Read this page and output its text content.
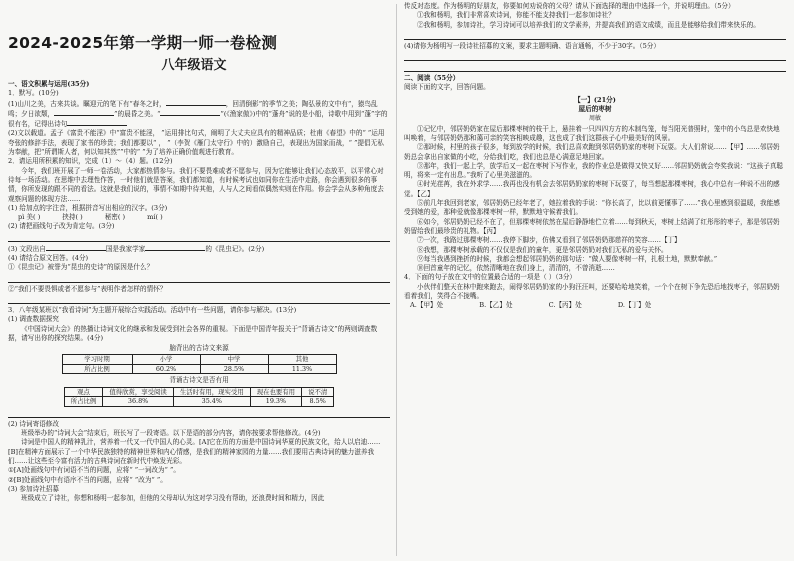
2024-2025年第一学期一师一卷检测
八年级语文

一、语文积累与运用(35分)

1．默写。(10分)

(1)山川之美，古来共谈。瞩迎元的笔下有“春冬之时，	，回清倒影”的季节之美；陶弘景的文中有“，猿鸟乱鸣；夕日欲颓，	”的晨昏之美。“	”(《渔家傲》)中的“蓬舟”说的是小船，诗歌中用到“蓬”字的很有名，记得出诗句

(2)文以载道。孟子《富贵不能淫》中“富贵不能淫， ”运用排比句式，阐明了大丈夫应具有的精神品质；杜甫《春望》中的“ ”运用夸张的修辞手法，表现了家书的珍贵；我们都要以“ ， ”（李贺《雁门太守行》中的）激励自己，表现出为国家而战，“ ”提倡无私为奉献，把“所谓斯人者，何以知其然””中的“ ”为了培养正确价值观进行教育。

2．请运用所积累的知识，完成（1）～（4）题。(12分)

今年，我们班开展了一师一卷活动，大家都热情参与。我们不要畏难或者不愿参与，因为它能够让我们心态放平，以平常心对待每一场活动。在思维中去理性作答，一时他们就是答案，我们都知道，有时候考试也如同你在生活中走路，你会遇到很多的事情，你所发现的跟不同的看法。这就是我们说的，事情不如期中待其他，人与人之间看似偶然实则在作用。你会学会从多种角度去观察问题的体现方法……

(1) 给加点的字注音，根据拼音写出相应的汉字。(3分)

pì 美( )	挟持( )	秘密( )	mí( )

(2) 请把画线句子改为肯定句。(3分)

(3) 文段出自	国是我家学家	的《昆虫记》。(2分)

(4) 请结合原文回答。(4分)

①《昆虫记》被誉为“昆虫的史诗”的原因是什么？

②“我们不要畏惧或者不愿参与”表明作者怎样的情怀？

3．八年级某班以“我看诗词”为主题开展综合实践活动。活动中有一些问题，请你参与解决。(13分)

(1) 调查数据探究

《中国诗词大会》的热播让诗词文化的继承和发展受到社会各界的重视。下面是中国青年报关于“背诵古诗文”的两则调查数据，请写出你的探究结果。(4分)

脑背出的古诗文来源
学习时期	小学	中学	其他
所占比例	60.2%	28.5%	11.3%
背诵古诗文是否有用
观点	值得欣赏，享受阅读	生活时有用，现实受用	现在也要有用	说不清
所占比例	36.8%	35.4%	19.3%	8.5%

(2) 诗词寄语修改

班级举办的“诗词大会”结束后，班长写了一段寄语。以下是语的部分内容，请你按要求帮他修改。(4分)

诗词是中国人的精神乳汁，营养着一代又一代中国人的心灵。[A]它在历的方面是中国诗词华夏的民族文化，给人以启迪……[B]在精神方面展示了一个中华民族独特的精神世界和内心情感，是我们的精神家园的力量……我们要用古典诗词的魅力滋养我们……让这些至今富有活力的古典诗词在新时代中焕发光彩。

①[A]处画线句中有词语不当的问题，应将“ ”一词改为“ ”。

②[B]处画线句中有语序不当的问题，应将“ ”改为“ ”。

(3) 参加诗社招募

班级成立了诗社，你想和杨明一起参加，但他的父母却认为这对学习没有帮助，还浪费时间和精力，因此

传反对态度。作为杨明的好朋友，你要如何劝说你的父母？请从下面选择的理由中选择一个，并说明理由。（5分）

①我和杨明，我们非常喜欢诗词，你能不能支持我们一起参加诗社？

②我和杨明，参加诗社，学习诗词可以培养我们的文学素养，并提高我们的语文成绩，而且是能够给我们带来快乐的。

(4)请你为杨明写一段诗社招募的文案，要求主题明确、语言通畅，不少于30字。（5分）

二、阅读（55分）

阅读下面的文字，回答问题。

【一】(21分)
屋后的枣树
周敏

①记忆中，邻居奶奶家在屋后那棵枣树的枝干上，悬挂着一只四四方方的木制鸟笼，每当阳光普照时，笼中的小鸟总是欢快地叫唤着，与邻居奶奶那和蔼可亲的笑容相映成趣，这也成了我们这群孩子心中最美好的风景。

②那时候，村里的孩子很多，每到放学的时候，我们总喜欢跑到邻居奶奶家的枣树下玩耍。大人们常说……【甲】……邻居奶奶总会拿出自家做的小吃，分给我们吃，我们也总是心满意足地回家。

③那年，我们一起上学，放学后又一起在枣树下写作业，我的作业总是做得又快又好……邻居奶奶就会夸奖我说：“这孩子真聪明，将来一定有出息。”我听了心里美滋滋的。

④时光荏苒，我在外求学……我再也没有机会去邻居奶奶家的枣树下玩耍了，每当想起那棵枣树，我心中总有一种说不出的感觉。【乙】

⑤前几年我回到老家，邻居奶奶已经年老了，她拉着我的手说：“你长高了，比以前更懂事了……”我心里感到很温暖，我能感受到她的爱，那种爱就像那棵枣树一样，默默地守候着我们。

⑥如今，邻居奶奶已经不在了，但那棵枣树依然在屋后静静地伫立着……每到秋天，枣树上结满了红彤彤的枣子，那是邻居奶奶留给我们最珍贵的礼物。【丙】

⑦一次，我路过那棵枣树……我停下脚步，仿佛又看到了邻居奶奶那慈祥的笑容……【丁】

⑧我想，那棵枣树承载的不仅仅是我们的童年，更是邻居奶奶对我们无私的爱与关怀。

⑨每当我遇到挫折的时候，我都会想起邻居奶奶的那句话：“做人要像枣树一样，扎根土地，默默奉献。”

⑩回首童年的记忆，依然清晰地在我们身上，清清的，不曾消逝……

4．下面的句子放在文中的位置最合适的一项是（ ）（3分）

小伙伴们整天在林中跑来跑去，闹得邻居奶奶家的小狗汪汪叫，还要哈哈地笑着，一个个在树下争先恐后地找枣子，邻居奶奶看着我们，笑得合不拢嘴。

A.【甲】处	B.【乙】处	C.【丙】处	D.【丁】处
